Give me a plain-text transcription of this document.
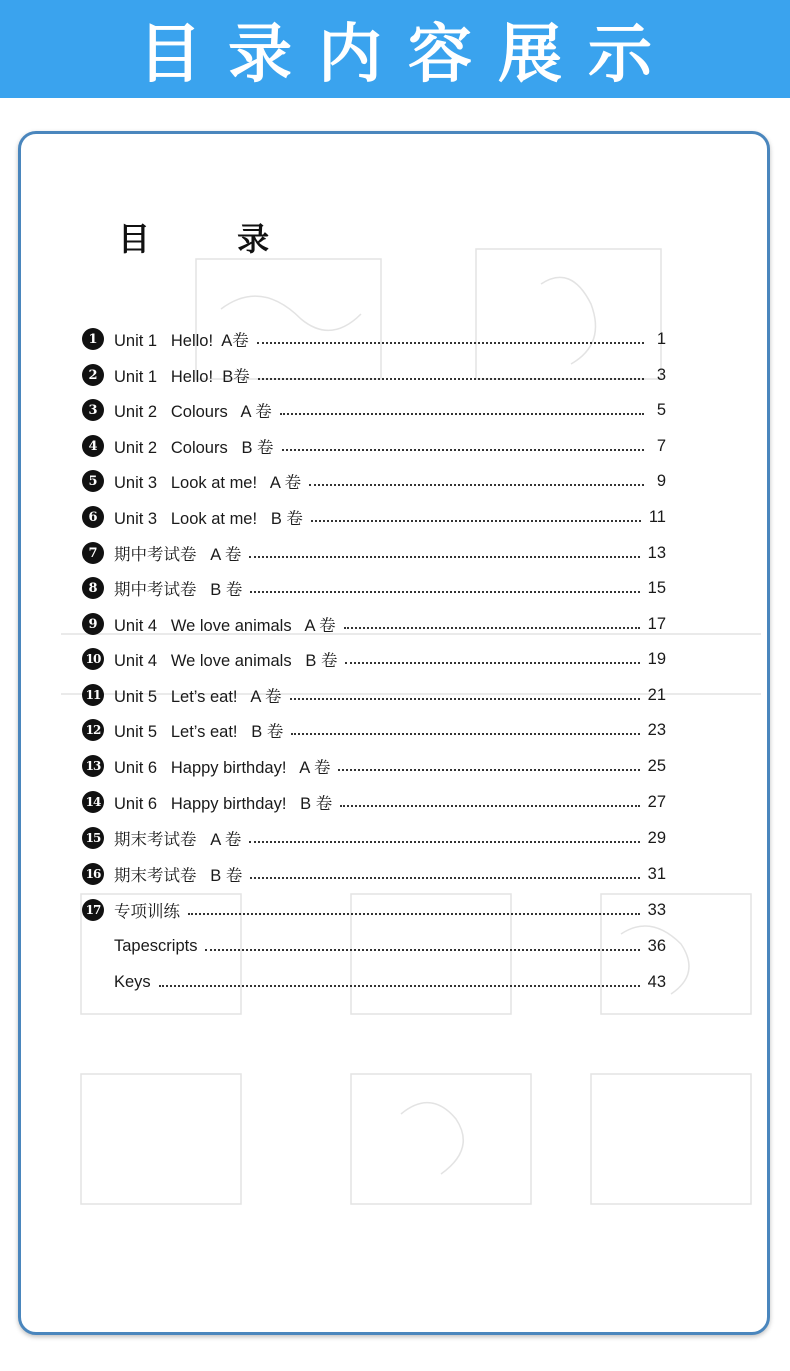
目录内容展示
目 录
1 Unit 1   Hello!  A卷	1
2 Unit 1   Hello!  B卷	3
3 Unit 2   Colours   A 卷	5
4 Unit 2   Colours   B 卷	7
5 Unit 3   Look at me!   A 卷	9
6 Unit 3   Look at me!   B 卷	11
7 期中考试卷   A 卷	13
8 期中考试卷   B 卷	15
9 Unit 4   We love animals   A 卷	17
10 Unit 4   We love animals   B 卷	19
11 Unit 5   Let’s eat!   A 卷	21
12 Unit 5   Let’s eat!   B 卷	23
13 Unit 6   Happy birthday!   A 卷	25
14 Unit 6   Happy birthday!   B 卷	27
15 期末考试卷   A 卷	29
16 期末考试卷   B 卷	31
17 专项训练	33
Tapescripts	36
Keys	43
